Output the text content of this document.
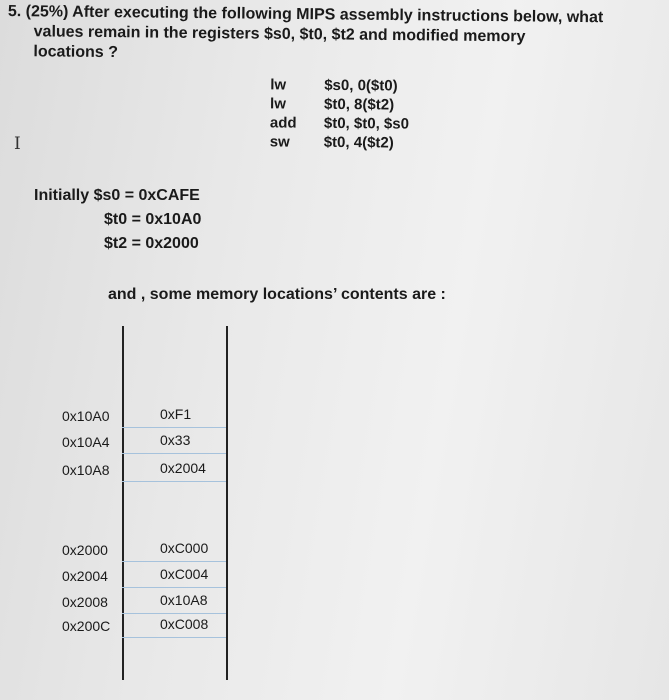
5. (25%) After executing the following MIPS assembly instructions below, what
values remain in the registers $s0, $t0, $t2 and modified memory
locations ?
lw	$s0, 0($t0)
lw	$t0, 8($t2)
add	$t0, $t0, $s0
sw	$t0, 4($t2)
I
Initially $s0 = 0xCAFE
$t0 = 0x10A0
$t2 = 0x2000
and , some memory locations’ contents are :
0x10A0	0xF1
0x10A4	0x33
0x10A8	0x2004
0x2000	0xC000
0x2004	0xC004
0x2008	0x10A8
0x200C	0xC008
